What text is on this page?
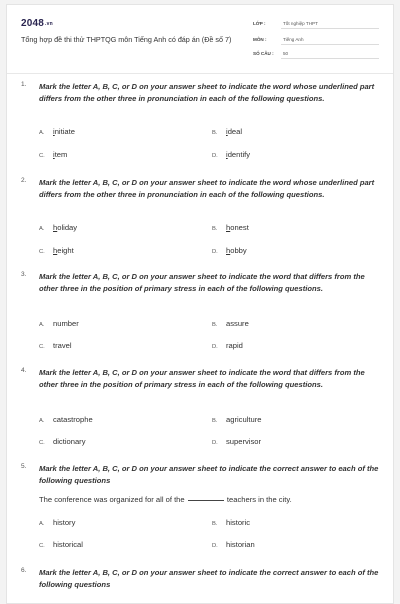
$2048^{.vn}$
Tổng hợp đề thi thử THPTQG môn Tiếng Anh có đáp án (Đề số 7)
LỚP :	Tốt nghiệp THPT
MÔN :	Tiếng Anh
SỐ CÂU : 50
1. Mark the letter A, B, C, or D on your answer sheet to indicate the word whose underlined part differs from the other three in pronunciation in each of the following questions.
A. initiate	B. ideal
C. item	D. identify
2. Mark the letter A, B, C, or D on your answer sheet to indicate the word whose underlined part differs from the other three in pronunciation in each of the following questions.
A. holiday	B. honest
C. height	D. hobby
3. Mark the letter A, B, C, or D on your answer sheet to indicate the word that differs from the other three in the position of primary stress in each of the following questions.
A. number	B. assure
C. travel	D. rapid
4. Mark the letter A, B, C, or D on your answer sheet to indicate the word that differs from the other three in the position of primary stress in each of the following questions.
A. catastrophe	B. agriculture
C. dictionary	D. supervisor
5. Mark the letter A, B, C, or D on your answer sheet to indicate the correct answer to each of the following questions
The conference was organized for all of the	teachers in the city.
A. history	B. historic
C. historical	D. historian
6. Mark the letter A, B, C, or D on your answer sheet to indicate the correct answer to each of the following questions
